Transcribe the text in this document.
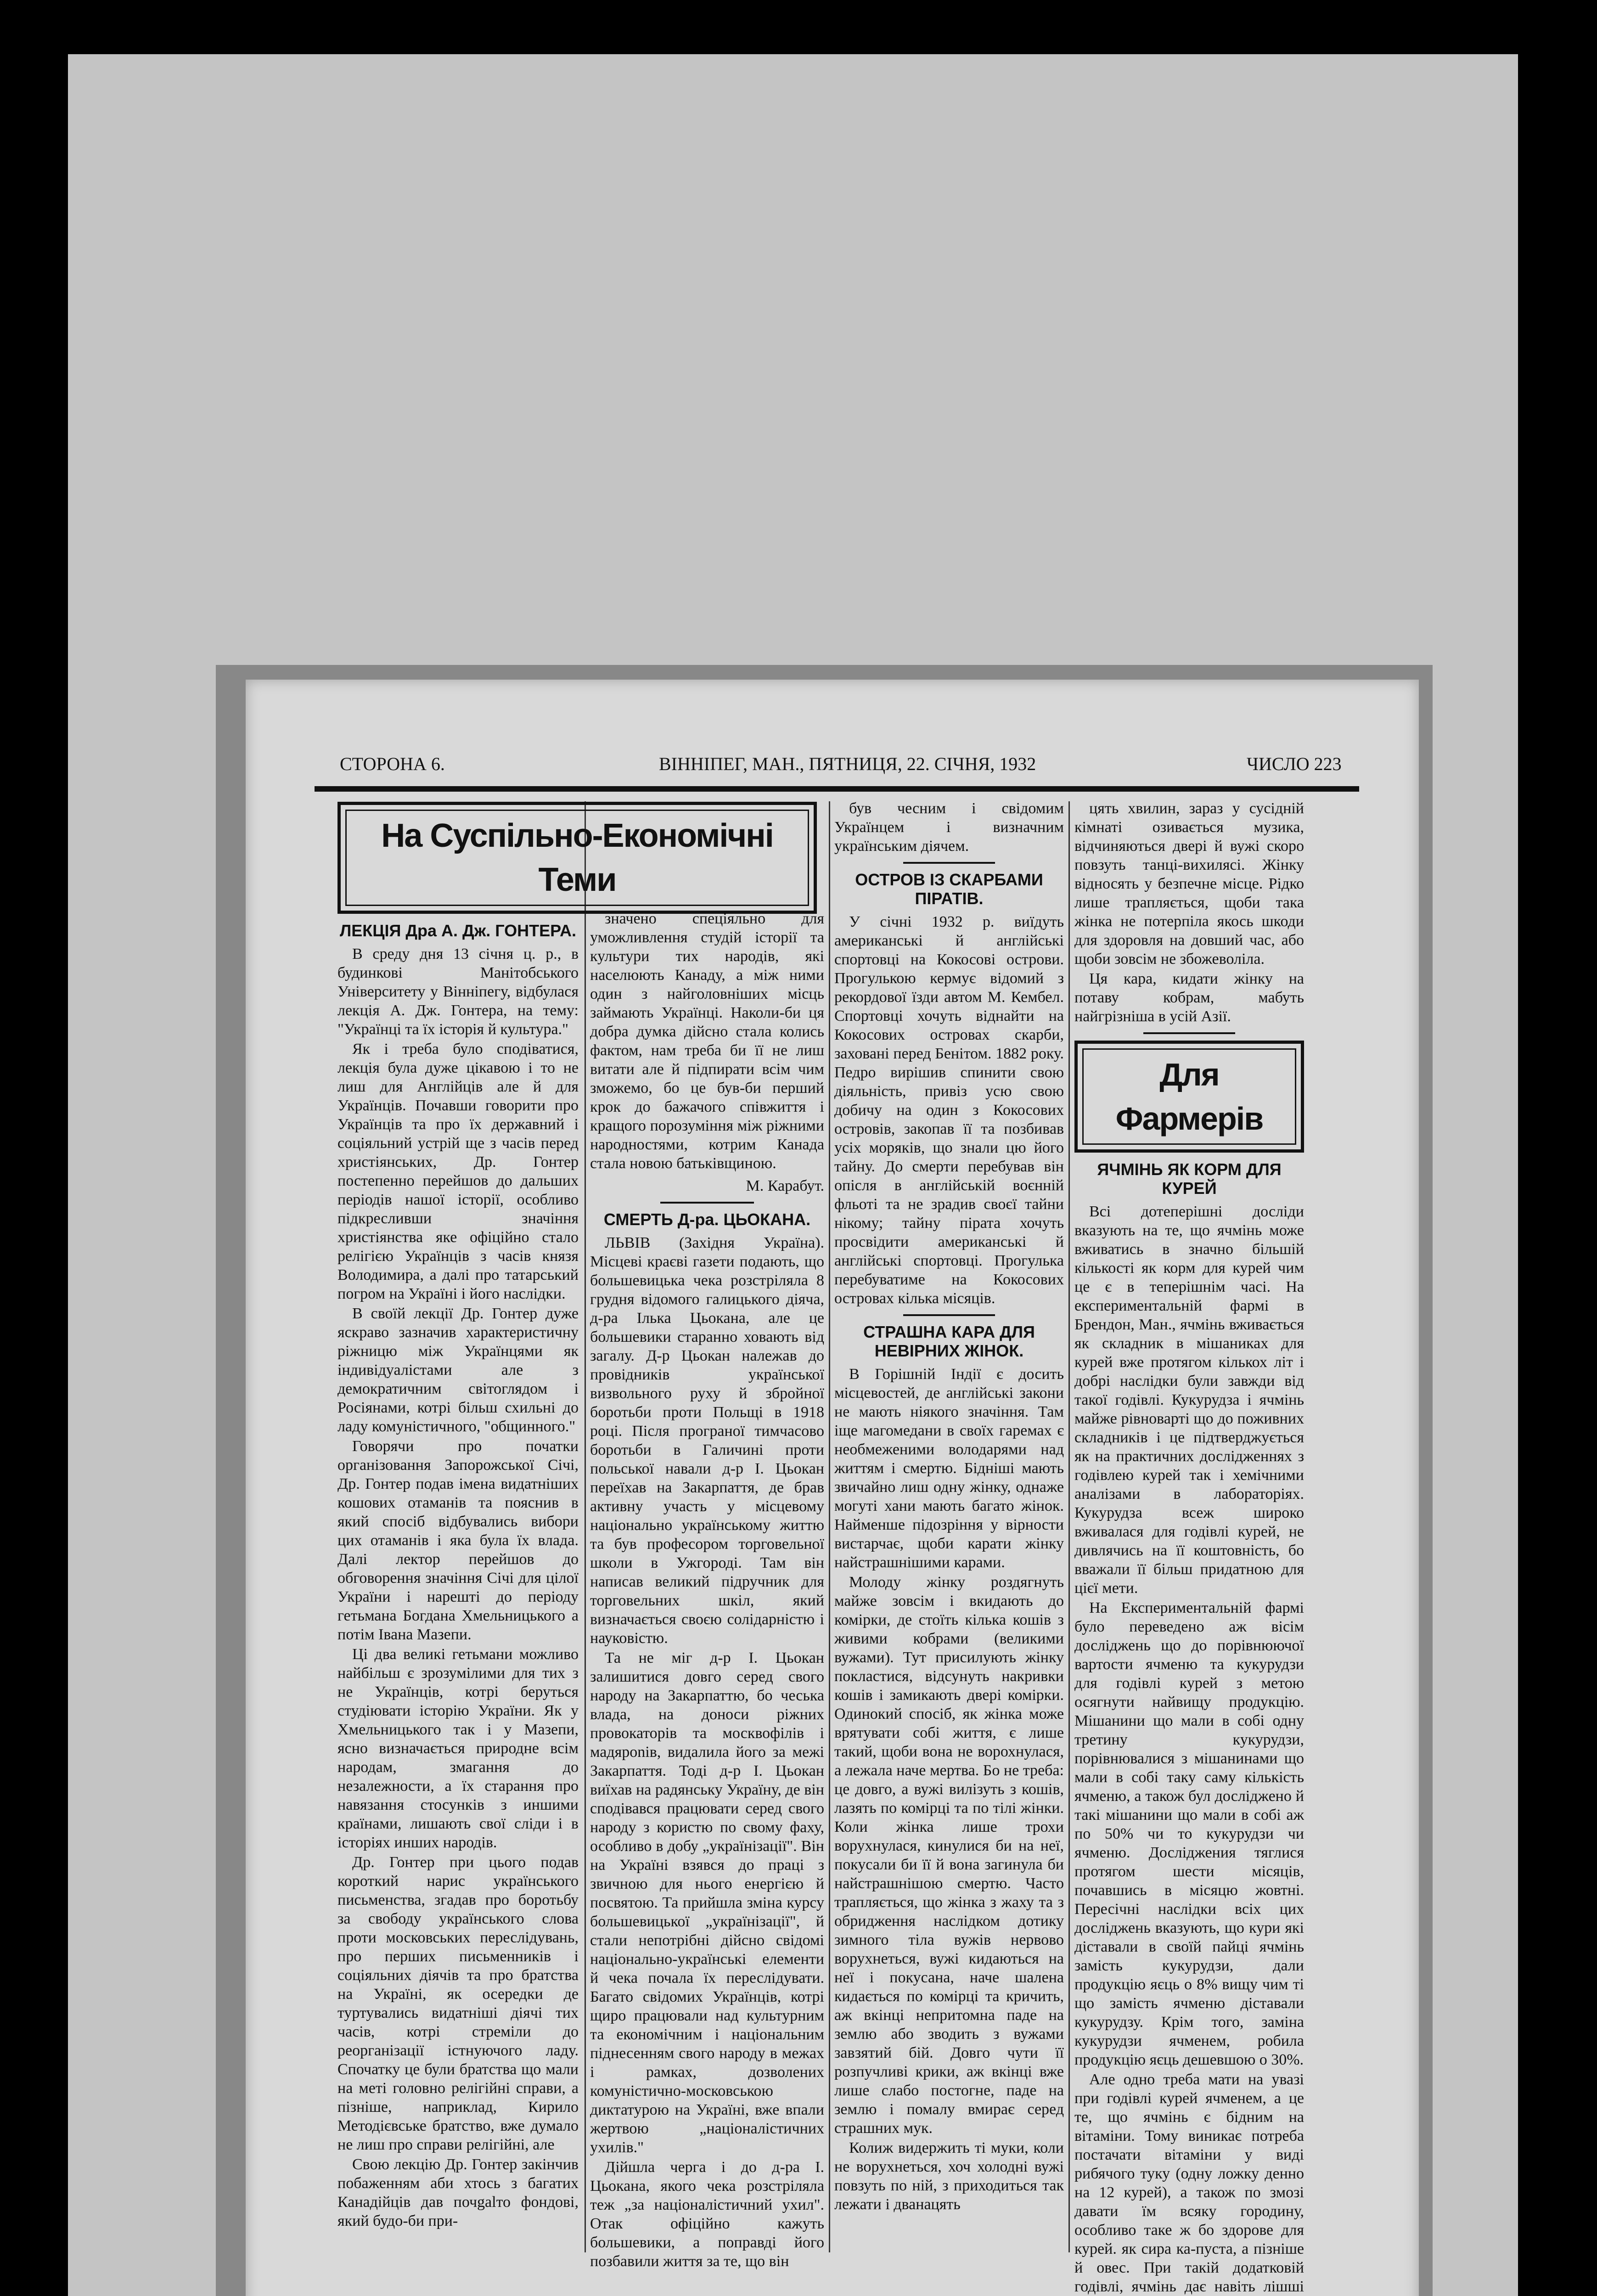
СТОРОНА 6.	ВІННІПЕГ, МАН., ПЯТНИЦЯ, 22. СІЧНЯ, 1932	ЧИСЛО 223
На Суспільно-Економічні Теми
ЛЕКЦІЯ Дра А. Дж. ГОНТЕРА.

В среду дня 13 січня ц. р., в будинкові Манітобського Університету у Вінніпегу, відбулася лекція А. Дж. Гонтера, на тему: "Українці та їх історія й культура."

Як і треба було сподіватися, лекція була дуже цікавою і то не лиш для Англійців але й для Українців. Почавши говорити про Українців та про їх державний і соціяльний устрій ще з часів перед христіянських, Др. Гонтер постепенно перейшов до дальших періодів нашої історії, особливо підкресливши значіння христіянства яке офіційно стало релігією Українців з часів князя Володимира, а далі про татарський погром на Україні і його наслідки.

В своїй лекції Др. Гонтер дуже яскраво зазначив характеристичну ріжницю між Українцями як індивідуалістами але з демократичним світоглядом і Росіянами, котрі більш схильні до ладу комуністичного, "общинного."

Говорячи про початки організовання Запорожської Січі, Др. Гонтер подав імена видатніших кошових отаманів та пояснив в який спосіб відбувались вибори цих отаманів і яка була їх влада. Далі лектор перейшов до обговорення значіння Січі для цілої України і нарешті до періоду гетьмана Богдана Хмельницького а потім Івана Мазепи.

Ці два великі гетьмани можливо найбільш є зрозумілими для тих з не Українців, котрі беруться студіювати історію України. Як у Хмельницького так і у Мазепи, ясно визначається природне всім народам, змагання до незалежности, а їх старання про навязання стосунків з иншими країнами, лишають свої сліди і в історіях инших народів.

Др. Гонтер при цього подав короткий нарис українського письменства, згадав про боротьбу за свободу українського слова проти московських переслідувань, про перших письменників і соціяльних діячів та про братства на Україні, як осередки де туртувались видатніші діячі тих часів, котрі стреміли до реорганізації істнуючого ладу. Спочатку це були братства що мали на меті головно релігійні справи, а пізніше, наприклад, Кирило Методієвське братство, вже думало не лиш про справи релігійні, але

Свою лекцію Др. Гонтер закінчив побаженням аби хтось з багатих Канадійців дав почgalто фондові, який будо-би при-

значено спеціяльно для уможливлення студій історії та культури тих народів, які населюють Канаду, а між ними один з найголовніших місць займають Українці. Наколи-би ця добра думка дійсно стала колись фактом, нам треба би її не лиш витати але й підпирати всім чим зможемо, бо це був-би перший крок до бажачого співжиття і кращого порозуміння між ріжними народностями, котрим Канада стала новою батьківщиною.

М. Карабут.

СМЕРТЬ Д-ра. ЦЬОКАНА.

ЛЬВІВ (Західня Україна). Місцеві краєві газети подають, що большевицька чека розстріляла 8 грудня відомого галицького діяча, д-ра Ілька Цьокана, але це большевики старанно ховають від загалу. Д-р Цьокан належав до провідників української визвольного руху й збройної боротьби проти Польщі в 1918 році. Після програної тимчасово боротьби в Галичині проти польської навали д-р І. Цьокан переїхав на Закарпаття, де брав активну участь у місцевому національно українському життю та був професором торговельної школи в Ужгороді. Там він написав великий підручник для торговельних шкіл, який визначається своєю солідарністю і науковістю.

Та не міг д-р І. Цьокан залишитися довго серед свого народу на Закарпаттю, бо чеська влада, на доноси ріжних провокаторів та москвофілів і мадярonів, видалила його за межі Закарпаття. Тоді д-р І. Цьокан виїхав на радянську Україну, де він сподівався працювати серед свого народу з користю по свому фаху, особливо в добу „українізації". Він на Україні взявся до праці з звичною для нього енергією й посвятою. Та прийшла зміна курсу большевицької „українізації", й стали непотрібні дійсно свідомі національно-українські елементи й чека почала їх переслідувати. Багато свідомих Українців, котрі щиро працювали над культурним та економічним і національним піднесенням свого народу в межах і рамках, дозволених комуністично-московською диктатурою на Україні, вже впали жертвою „націоналістичних ухилів."

Дійшла черга і до д-ра І. Цьокана, якого чека розстріляла теж „за націоналістичний ухил". Отак офіційно кажуть большевики, а поправді його позбавили життя за те, що він

був чесним і свідомим Українцем і визначним українським діячем.

ОСТРОВ ІЗ СКАРБАМИ ПІРАТІВ.

У січні 1932 р. виїдуть американські й англійські спортовці на Кокосові острови. Прогулькою кермує відомий з рекордової їзди автом М. Кембел. Спортовці хочуть віднайти на Кокосових островах скарби, заховані перед Бенітом. 1882 року. Педро вирішив спинити свою діяльність, привіз усю свою добичу на один з Кокосових островів, закопав її та позбивав усіх моряків, що знали цю його тайну. До смерти перебував він опісля в англійській воєнній фльоті та не зрадив своєї тайни нікому; тайну пірата хочуть просвідити американські й англійські спортовці. Прогулька перебуватиме на Кокосових островах кілька місяців.

СТРАШНА КАРА ДЛЯ НЕВІРНИХ ЖІНОК.

В Горішній Індії є досить місцевостей, де англійські закони не мають ніякого значіння. Там іще магомедани в своїх гаремах є необмеженими володарями над життям і смертю. Бідніші мають звичайно лиш одну жінку, однаже могуті хани мають багато жінок. Найменше підозріння у вірности вистарчає, щоби карати жінку найстрашнішими карами.

Молоду жінку роздягнуть майже зовсім і вкидають до комірки, де стоїть кілька кошів з живими кобрами (великими вужами). Тут присилують жінку поклаcтися, відсунуть накривки кошів і замикають двері комірки. Одинокий спосіб, як жінка може врятувати собі життя, є лише такий, щоби вона не ворохнулася, а лежала наче мертва. Бо не треба: це довго, а вужі вилізуть з кошів, лазять по комірці та по тілі жінки. Коли жінка лише трохи ворухнулася, кинулися би на неї, покусали би її й вона загинула би найстрашнішою смертю. Часто трапляється, що жінка з жаху та з обридження наслідком дотику зимного тіла вужів нервово ворухнеться, вужі кидаються на неї і покусана, наче шалена кидається по комірці та кричить, аж вкінці непритомна паде на землю або зводить з вужами завзятий бій. Довго чути її розпучливі крики, аж вкінці вже лише слабо постогне, паде на землю і помалу вмирає серед страшних мук.

Колиж видержить ті муки, коли не ворухнеться, хоч холодні вужі повзуть по ній, з приходиться так лежати і дванацять

цять хвилин, зараз у сусідній кімнаті озивається музика, відчиняються двері й вужі скоро повзуть танці-вихилясі. Жінку відносять у безпечне місце. Рідко лише трапляється, щоби така жінка не потерпіла якось шкоди для здоровля на довший час, або щоби зовсім не збожеволіла.

Ця кара, кидати жінку на потаву кобрам, мабуть найгрізніша в усій Азії.

Для Фармерів
ЯЧМІНЬ ЯК КОРМ ДЛЯ КУРЕЙ

Всі дотеперішні досліди вказують на те, що ячмінь може вживатись в значно більшій кількості як корм для курей чим це є в теперішнім часі. На експериментальній фармі в Брендон, Ман., ячмінь вживається як складник в мішаниках для курей вже протягом кількох літ і добрі наслідки були завжди від такої годівлі. Кукурудза і ячмінь майже рівноварті що до поживних складників і це підтверджується як на практичних дослідженнях з годівлею курей так і хемічними аналізами в лабораторіях. Кукурудза всеж широко вживалася для годівлі курей, не дивлячись на її коштовність, бо вважали її більш придатною для цієї мети.

На Експериментальній фармі було переведено аж вісім досліджень що до порівнюючої вартости ячменю та кукурудзи для годівлі курей з метою осягнути найвищу продукцію. Мішанини що мали в собі одну третину кукурудзи, порівнювалися з мішанинами що мали в собі таку саму кількість ячменю, а також бул досліджено й такі мішанини що мали в собі аж по 50% чи то кукурудзи чи ячменю. Досліджения тяглися протягом шести місяців, почавшись в місяцю жовтні. Пересічні наслідки всіх цих досліджень вказують, що кури які діставали в своїй пайці ячмінь замість кукурудзи, дали продукцію яєць о 8% вищу чим ті що замість ячменю діставали кукурудзу. Крім того, заміна кукурудзи ячменем, робила продукцію яєць дешевшою о 30%.

Але одно треба мати на увазі при годівлі курей ячменем, а це те, що ячмінь є бідним на вітаміни. Тому виникає потреба постачати вітаміни у видi рибячого туку (одну ложку денно на 12 курей), а також по змозі давати їм всяку городину, особливо таке ж бо здорове для курей. як сира ка-пуста, а пізніше й овес. При такій додатковій годівлі, ячмінь дає навіть лішші
